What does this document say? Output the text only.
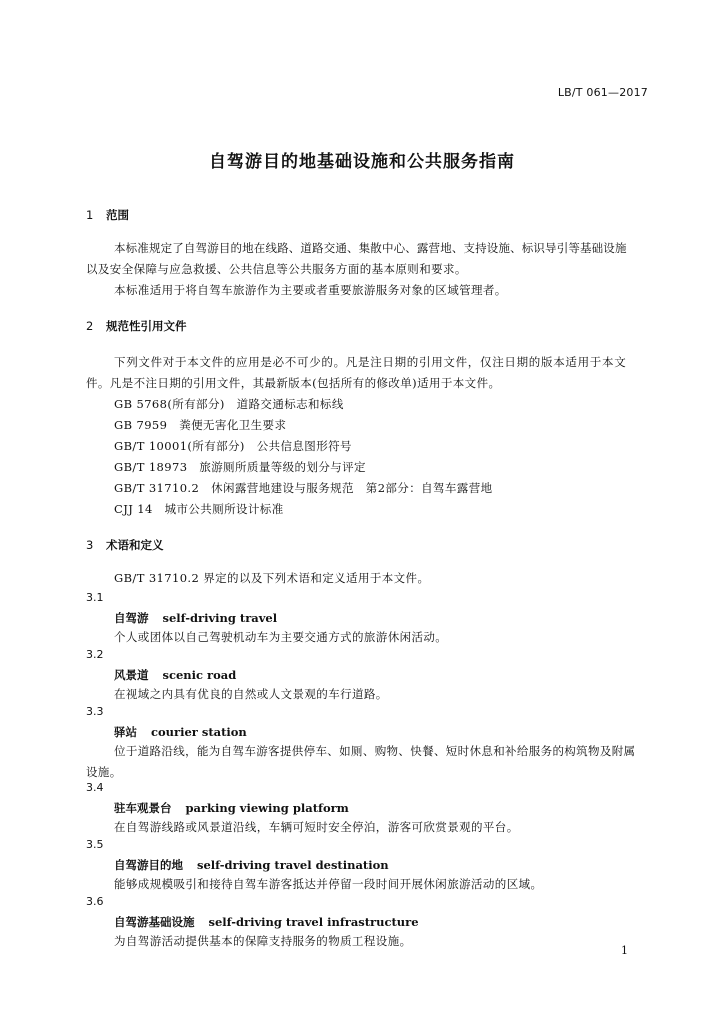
LB/T 061—2017
自驾游目的地基础设施和公共服务指南
1 范围
本标准规定了自驾游目的地在线路、道路交通、集散中心、露营地、支持设施、标识导引等基础设施
以及安全保障与应急救援、公共信息等公共服务方面的基本原则和要求。
本标准适用于将自驾车旅游作为主要或者重要旅游服务对象的区域管理者。
2 规范性引用文件
下列文件对于本文件的应用是必不可少的。凡是注日期的引用文件，仅注日期的版本适用于本文
件。凡是不注日期的引用文件，其最新版本(包括所有的修改单)适用于本文件。
GB 5768(所有部分)　道路交通标志和标线
GB 7959　粪便无害化卫生要求
GB/T 10001(所有部分)　公共信息图形符号
GB/T 18973　旅游厕所质量等级的划分与评定
GB/T 31710.2　休闲露营地建设与服务规范　第2部分：自驾车露营地
CJJ 14　城市公共厕所设计标准
3 术语和定义
GB/T 31710.2 界定的以及下列术语和定义适用于本文件。
3.1
自驾游 self-driving travel
个人或团体以自己驾驶机动车为主要交通方式的旅游休闲活动。
3.2
风景道 scenic road
在视域之内具有优良的自然或人文景观的车行道路。
3.3
驿站 courier station
位于道路沿线，能为自驾车游客提供停车、如厕、购物、快餐、短时休息和补给服务的构筑物及附属
设施。
3.4
驻车观景台 parking viewing platform
在自驾游线路或风景道沿线，车辆可短时安全停泊，游客可欣赏景观的平台。
3.5
自驾游目的地 self-driving travel destination
能够成规模吸引和接待自驾车游客抵达并停留一段时间开展休闲旅游活动的区域。
3.6
自驾游基础设施 self-driving travel infrastructure
为自驾游活动提供基本的保障支持服务的物质工程设施。
1
